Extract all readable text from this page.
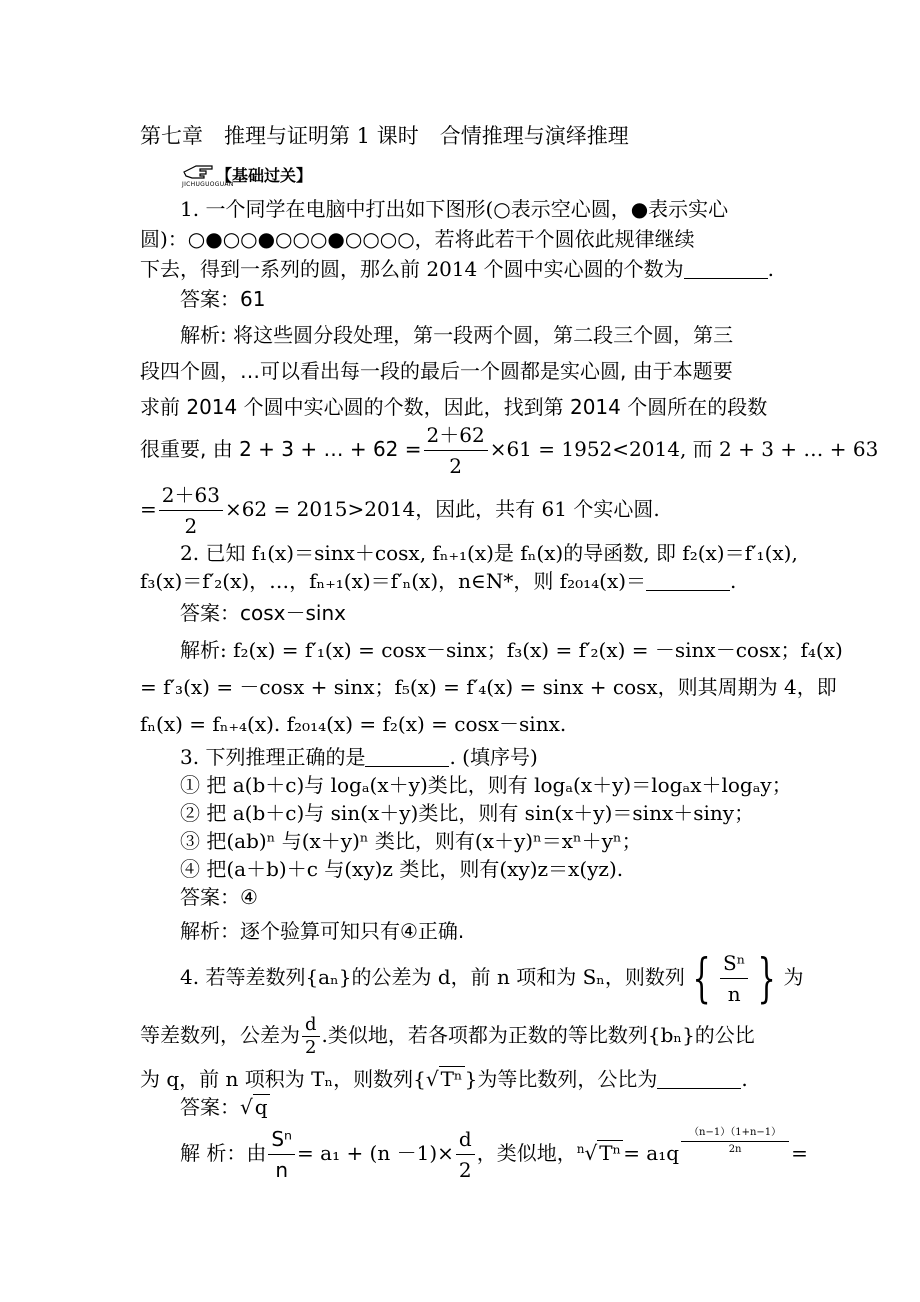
第七章　推理与证明第 1 课时　合情推理与演绎推理
【基础过关】
JICHUGUOGUAN
1. 一个同学在电脑中打出如下图形(○表示空心圆，●表示实心
圆)：○●○○●○○○●○○○○，若将此若干个圆依此规律继续
下去，得到一系列的圆，那么前 2014 个圆中实心圆的个数为	.
答案：61
解析: 将这些圆分段处理，第一段两个圆，第二段三个圆，第三
段四个圆，…可以看出每一段的最后一个圆都是实心圆, 由于本题要
求前 2014 个圆中实心圆的个数，因此，找到第 2014 个圆所在的段数
很重要, 由 2 + 3 + … + $62 = \frac{2+62}{2} \times 61 = 1952<2014$, 而 2 + 3 + … + 63
= $\frac{2+63}{2} \times 62 = 2015>2014$，因此，共有 61 个实心圆.
2. 已知 f₁(x)＝sinx＋cosx, fₙ₊₁(x)是 fₙ(x)的导函数, 即 f₂(x)＝f′₁(x),
f₃(x)＝f′₂(x)，…，fₙ₊₁(x)＝f′ₙ(x)，n∈N*，则 f₂₀₁₄(x)＝	.
答案：cosx－sinx
解析: f₂(x) = f′₁(x) = cosx－sinx；f₃(x) = f′₂(x) = －sinx－cosx；f₄(x)
= f′₃(x) = －cosx + sinx；f₅(x) = f′₄(x) = sinx + cosx，则其周期为 4，即
fₙ(x) = fₙ₊₄(x). f₂₀₁₄(x) = f₂(x) = cosx－sinx.
3. 下列推理正确的是	. (填序号)
① 把 a(b＋c)与 logₐ(x＋y)类比，则有 logₐ(x＋y)＝logₐx＋logₐy；
② 把 a(b＋c)与 sin(x＋y)类比，则有 sin(x＋y)＝sinx＋siny；
③ 把(ab)ⁿ 与(x＋y)ⁿ 类比，则有(x＋y)ⁿ＝xⁿ＋yⁿ；
④ 把(a＋b)＋c 与(xy)z 类比，则有(xy)z＝x(yz).
答案：④
解析：逐个验算可知只有④正确.
4. 若等差数列{aₙ}的公差为 d，前 n 项和为 Sₙ，则数列 { $\frac{\text{Sⁿ}}{n}$ } 为
等差数列，公差为 $\frac{d}{2}$ .类似地，若各项都为正数的等比数列{bₙ}的公比
为 q，前 n 项积为 Tₙ，则数列{√ Tⁿ }为等比数列，公比为	.
答案：√ q
解 析：由 $\frac{\text{Sⁿ}}{n} = a_1 + (n -1)\times \frac{d}{2}$ ，类似地，$^n$√ $T^n = a_1q \frac{(n-1)(1+n-1)}{2n}$ =
